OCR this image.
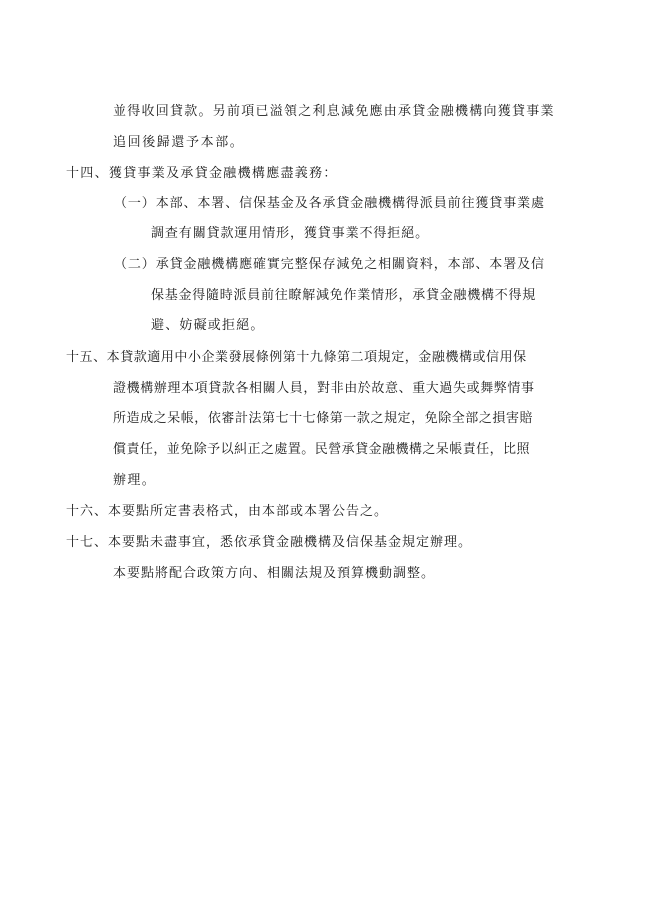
並得收回貸款。另前項已溢領之利息減免應由承貸金融機構向獲貸事業
追回後歸還予本部。
十四、獲貸事業及承貸金融機構應盡義務：
（一）本部、本署、信保基金及各承貸金融機構得派員前往獲貸事業處
調查有關貸款運用情形，獲貸事業不得拒絕。
（二）承貸金融機構應確實完整保存減免之相關資料，本部、本署及信
保基金得隨時派員前往瞭解減免作業情形，承貸金融機構不得規
避、妨礙或拒絕。
十五、本貸款適用中小企業發展條例第十九條第二項規定，金融機構或信用保
證機構辦理本項貸款各相關人員，對非由於故意、重大過失或舞弊情事
所造成之呆帳，依審計法第七十七條第一款之規定，免除全部之損害賠
償責任，並免除予以糾正之處置。民營承貸金融機構之呆帳責任，比照
辦理。
十六、本要點所定書表格式，由本部或本署公告之。
十七、本要點未盡事宜，悉依承貸金融機構及信保基金規定辦理。
本要點將配合政策方向、相關法規及預算機動調整。
